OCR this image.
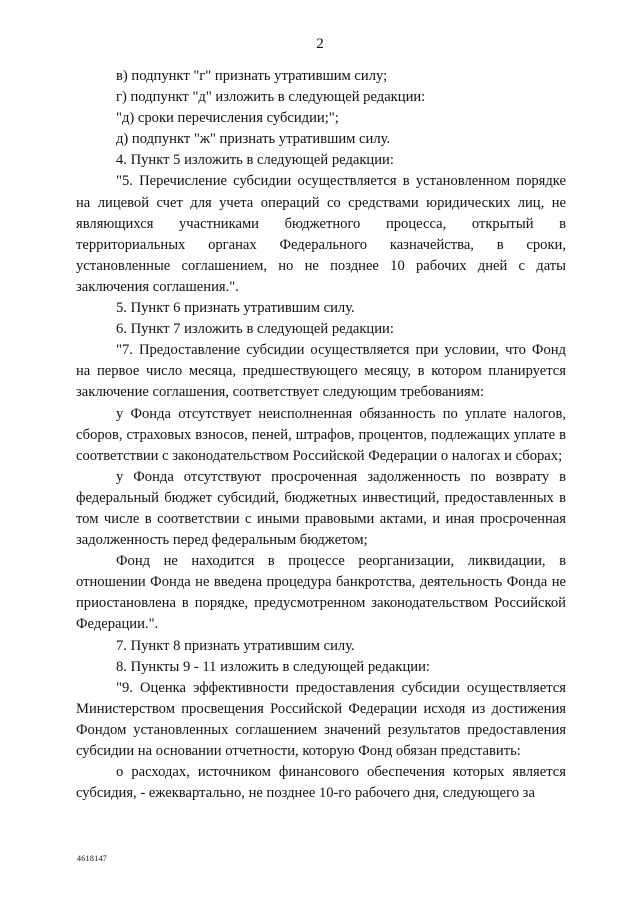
2

в) подпункт "г" признать утратившим силу;

г) подпункт "д" изложить в следующей редакции:

"д) сроки перечисления субсидии;";

д) подпункт "ж" признать утратившим силу.

4. Пункт 5 изложить в следующей редакции:

"5. Перечисление субсидии осуществляется в установленном порядке на лицевой счет для учета операций со средствами юридических лиц, не являющихся участниками бюджетного процесса, открытый в территориальных органах Федерального казначейства, в сроки, установленные соглашением, но не позднее 10 рабочих дней с даты заключения соглашения.".

5. Пункт 6 признать утратившим силу.

6. Пункт 7 изложить в следующей редакции:

"7. Предоставление субсидии осуществляется при условии, что Фонд на первое число месяца, предшествующего месяцу, в котором планируется заключение соглашения, соответствует следующим требованиям:

у Фонда отсутствует неисполненная обязанность по уплате налогов, сборов, страховых взносов, пеней, штрафов, процентов, подлежащих уплате в соответствии с законодательством Российской Федерации о налогах и сборах;

у Фонда отсутствуют просроченная задолженность по возврату в федеральный бюджет субсидий, бюджетных инвестиций, предоставленных в том числе в соответствии с иными правовыми актами, и иная просроченная задолженность перед федеральным бюджетом;

Фонд не находится в процессе реорганизации, ликвидации, в отношении Фонда не введена процедура банкротства, деятельность Фонда не приостановлена в порядке, предусмотренном законодательством Российской Федерации.".

7. Пункт 8 признать утратившим силу.

8. Пункты 9 - 11 изложить в следующей редакции:

"9. Оценка эффективности предоставления субсидии осуществляется Министерством просвещения Российской Федерации исходя из достижения Фондом установленных соглашением значений результатов предоставления субсидии на основании отчетности, которую Фонд обязан представить:

о расходах, источником финансового обеспечения которых является субсидия, - ежеквартально, не позднее 10-го рабочего дня, следующего за

4618147
